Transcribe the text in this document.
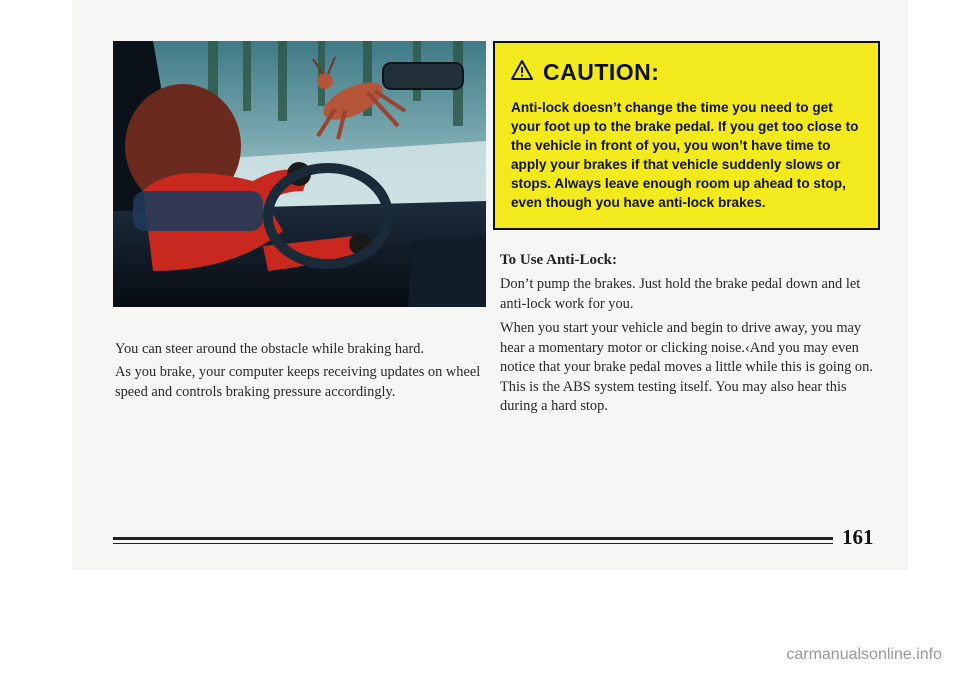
CAUTION:

Anti-lock doesn’t change the time you need to get your foot up to the brake pedal. If you get too close to the vehicle in front of you, you won’t have time to apply your brakes if that vehicle suddenly slows or stops. Always leave enough room up ahead to stop, even though you have anti-lock brakes.

To Use Anti-Lock:

Don’t pump the brakes. Just hold the brake pedal down and let anti-lock work for you.

When you start your vehicle and begin to drive away, you may hear a momentary motor or clicking noise.‹And you may even notice that your brake pedal moves a little while this is going on. This is the ABS system testing itself. You may also hear this during a hard stop.

You can steer around the obstacle while braking hard.

As you brake, your computer keeps receiving updates on wheel speed and controls braking pressure accordingly.

161
carmanualsonline.info
